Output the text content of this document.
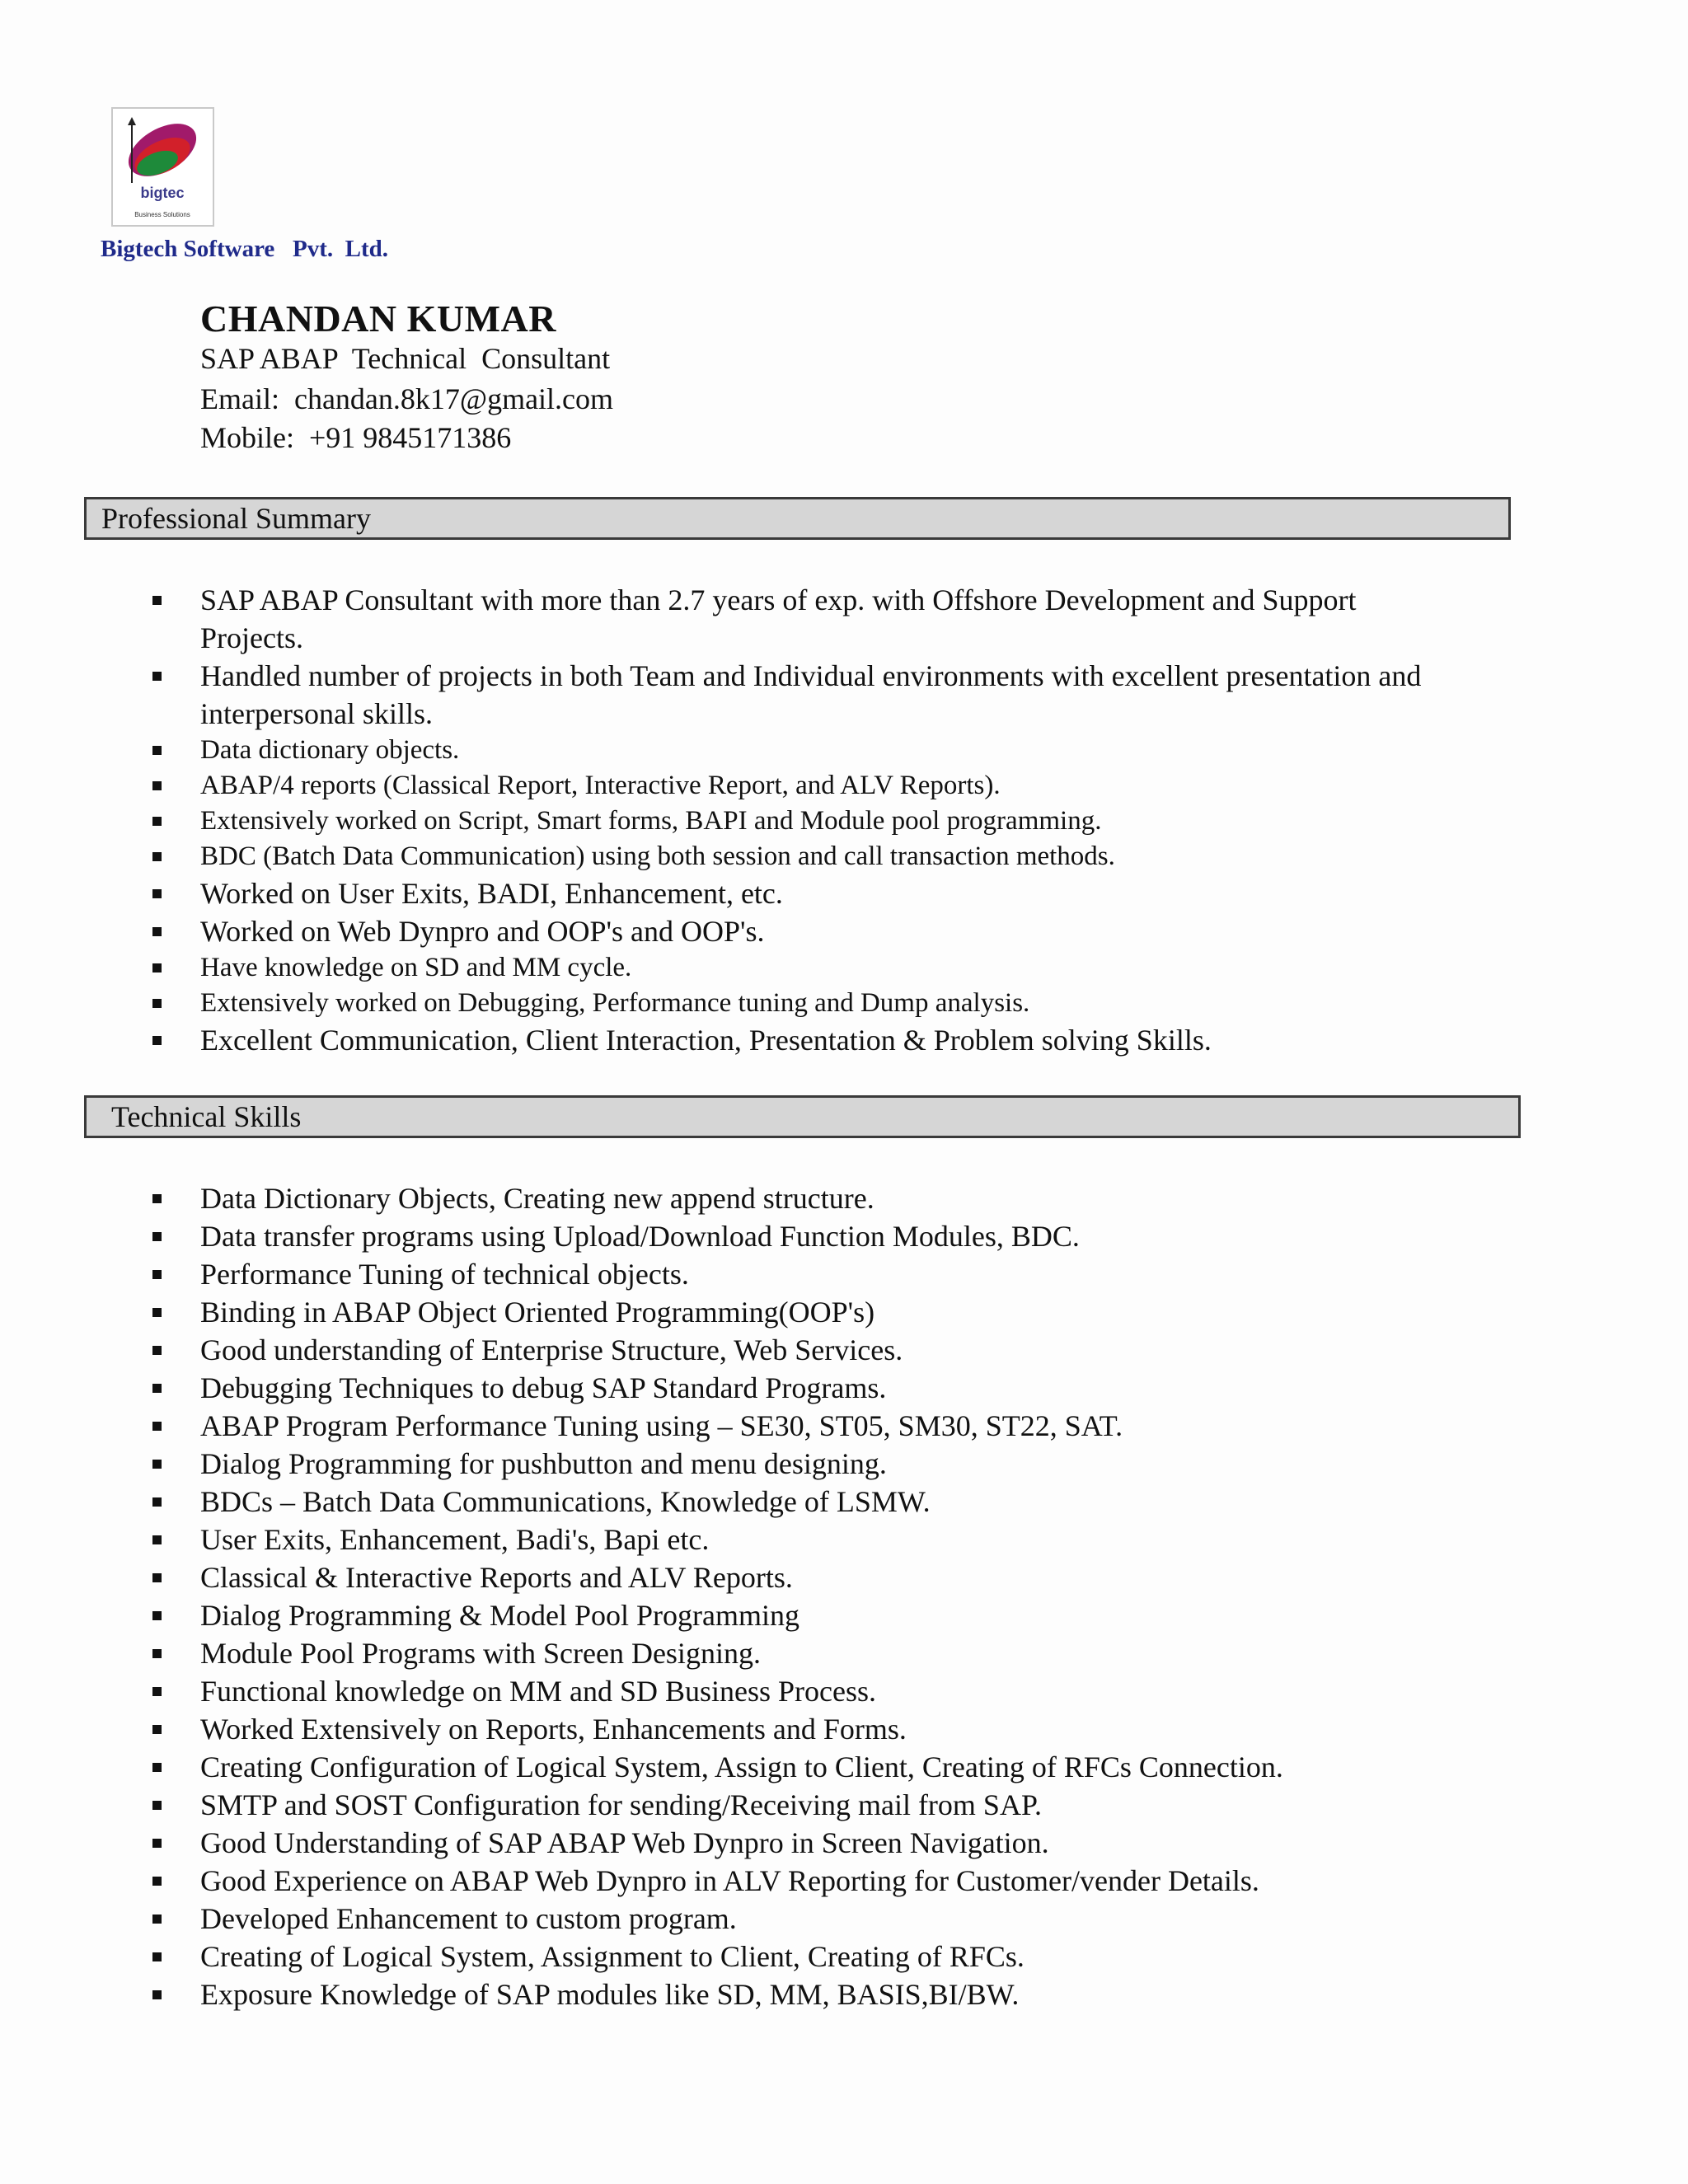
bigtec
Business Solutions
Bigtech Software   Pvt.  Ltd.
CHANDAN KUMAR
SAP ABAP  Technical  Consultant
Email:  chandan.8k17@gmail.com
Mobile:  +91 9845171386
Professional Summary
SAP ABAP Consultant with more than 2.7 years of exp. with Offshore Development and Support Projects.
Handled number of projects in both Team and Individual environments with excellent presentation and interpersonal skills.
Data dictionary objects.
ABAP/4 reports (Classical Report, Interactive Report, and ALV Reports).
Extensively worked on Script, Smart forms, BAPI and Module pool programming.
BDC (Batch Data Communication) using both session and call transaction methods.
Worked on User Exits, BADI, Enhancement, etc.
Worked on Web Dynpro and OOP's and OOP's.
Have knowledge on SD and MM cycle.
Extensively worked on Debugging, Performance tuning and Dump analysis.
Excellent Communication, Client Interaction, Presentation & Problem solving Skills.
Technical Skills
Data Dictionary Objects, Creating new append structure.
Data transfer programs using Upload/Download Function Modules, BDC.
Performance Tuning of technical objects.
Binding in ABAP Object Oriented Programming(OOP's)
Good understanding of Enterprise Structure, Web Services.
Debugging Techniques to debug SAP Standard Programs.
ABAP Program Performance Tuning using – SE30, ST05, SM30, ST22, SAT.
Dialog Programming for pushbutton and menu designing.
BDCs – Batch Data Communications, Knowledge of LSMW.
User Exits, Enhancement, Badi's, Bapi etc.
Classical & Interactive Reports and ALV Reports.
Dialog Programming & Model Pool Programming
Module Pool Programs with Screen Designing.
Functional knowledge on MM and SD Business Process.
Worked Extensively on Reports, Enhancements and Forms.
Creating Configuration of Logical System, Assign to Client, Creating of RFCs Connection.
SMTP and SOST Configuration for sending/Receiving mail from SAP.
Good Understanding of SAP ABAP Web Dynpro in Screen Navigation.
Good Experience on ABAP Web Dynpro in ALV Reporting for Customer/vender Details.
Developed Enhancement to custom program.
Creating of Logical System, Assignment to Client, Creating of RFCs.
Exposure Knowledge of SAP modules like SD, MM, BASIS,BI/BW.
